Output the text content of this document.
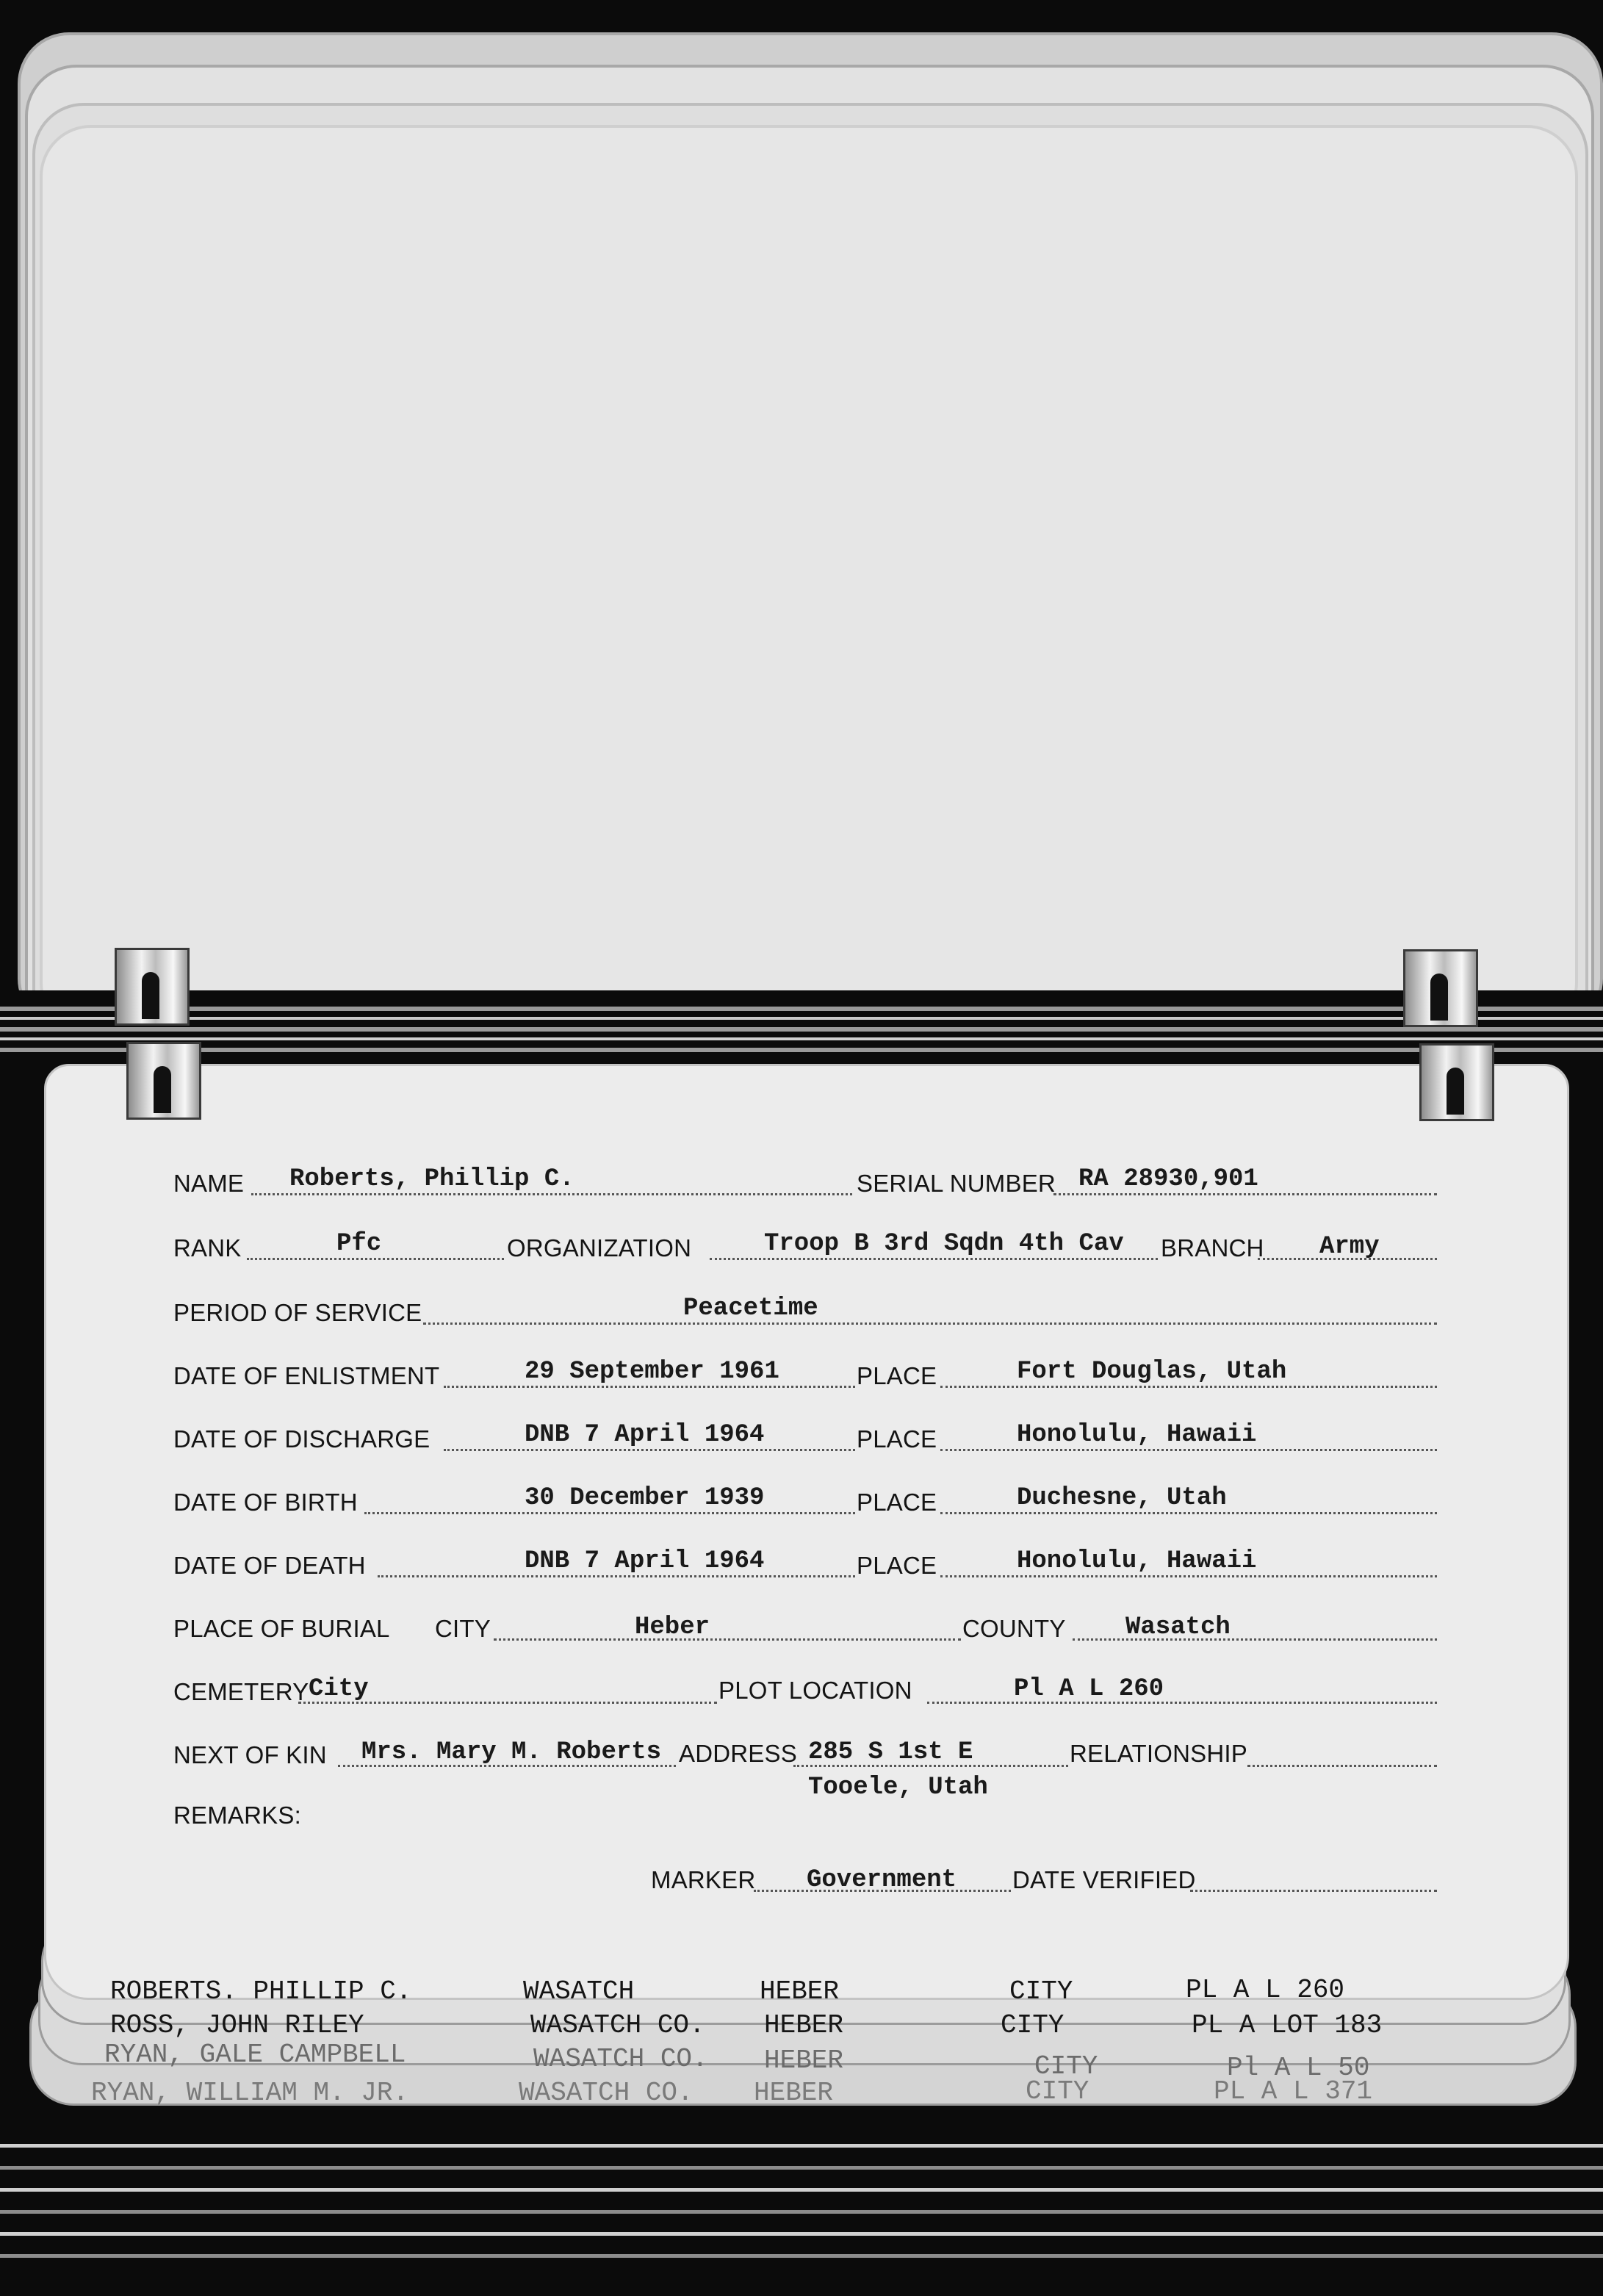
NAME Roberts, Phillip C.	SERIAL NUMBER RA 28930,901
RANK	Pfc	ORGANIZATION	Troop B 3rd Sqdn 4th Cav BRANCH Army
PERIOD OF SERVICE	Peacetime
DATE OF ENLISTMENT	29 September 1961	PLACE	Fort Douglas, Utah
DATE OF DISCHARGE	DNB 7 April 1964	PLACE	Honolulu, Hawaii
DATE OF BIRTH	30 December 1939	PLACE	Duchesne, Utah
DATE OF DEATH	DNB 7 April 1964	PLACE	Honolulu, Hawaii
PLACE OF BURIAL CITY	Heber	COUNTY Wasatch
CEMETERY City	PLOT LOCATION	Pl A L 260
NEXT OF KIN Mrs. Mary M. Roberts ADDRESS 285 S 1st E
Tooele, Utah
RELATIONSHIP
REMARKS:
MARKER Government DATE VERIFIED
ROBERTS. PHILLIP C.	WASATCH	HEBER	CITY	PL A L 260
ROSS, JOHN RILEY	WASATCH CO. HEBER	CITY	PL A LOT 183
RYAN, GALE CAMPBELL	WASATCH CO. HEBER	CITY	Pl A L 50
RYAN, WILLIAM M. JR.	WASATCH CO. HEBER	CITY	PL A L 371
